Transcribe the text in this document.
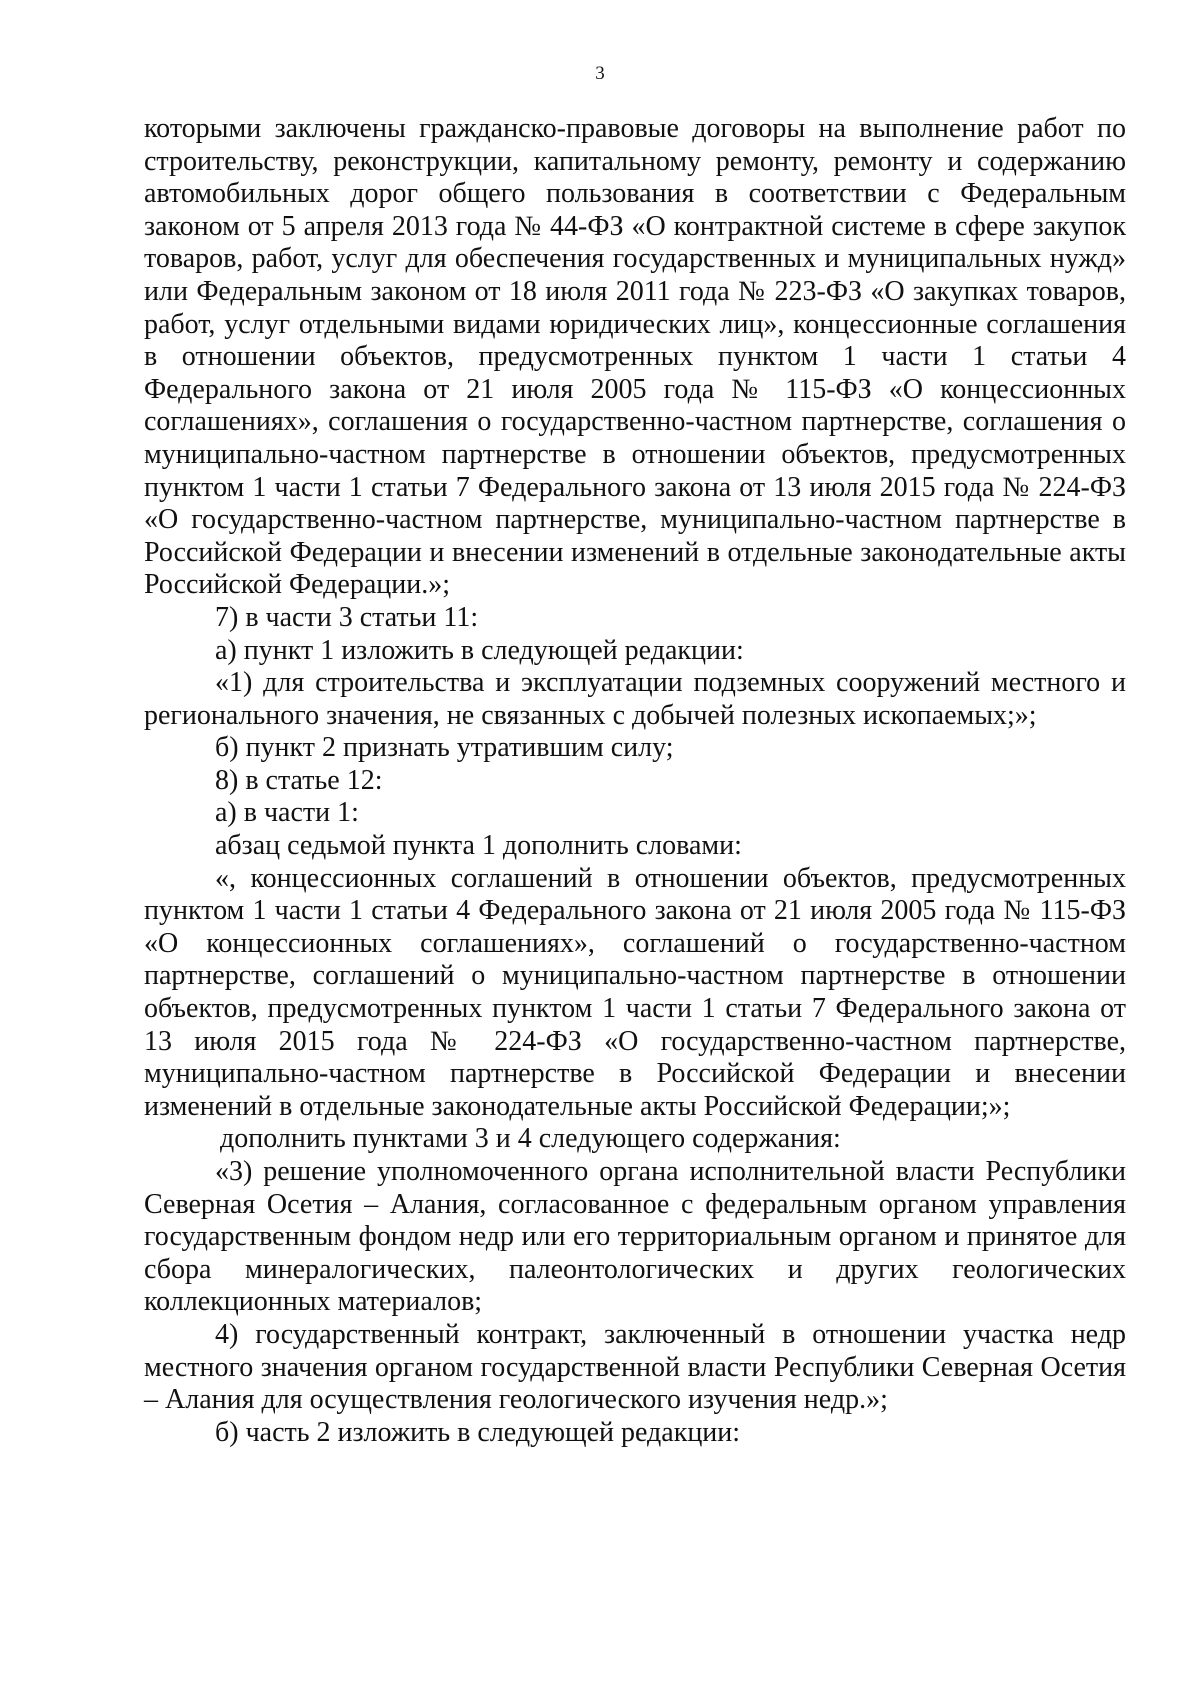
3

которыми заключены гражданско-правовые договоры на выполнение работ по строительству, реконструкции, капитальному ремонту, ремонту и содержанию автомобильных дорог общего пользования в соответствии с Федеральным законом от 5 апреля 2013 года № 44-ФЗ «О контрактной системе в сфере закупок товаров, работ, услуг для обеспечения государственных и муниципальных нужд» или Федеральным законом от 18 июля 2011 года № 223-ФЗ «О закупках товаров, работ, услуг отдельными видами юридических лиц», концессионные соглашения в отношении объектов, предусмотренных пунктом 1 части 1 статьи 4 Федерального закона от 21 июля 2005 года № 115-ФЗ «О концессионных соглашениях», соглашения о государственно-частном партнерстве, соглашения о муниципально-частном партнерстве в отношении объектов, предусмотренных пунктом 1 части 1 статьи 7 Федерального закона от 13 июля 2015 года № 224-ФЗ «О государственно-частном партнерстве, муниципально-частном партнерстве в Российской Федерации и внесении изменений в отдельные законодательные акты Российской Федерации.»;

7) в части 3 статьи 11:

а) пункт 1 изложить в следующей редакции:

«1) для строительства и эксплуатации подземных сооружений местного и регионального значения, не связанных с добычей полезных ископаемых;»;

б) пункт 2 признать утратившим силу;

8) в статье 12:

а) в части 1:

абзац седьмой пункта 1 дополнить словами:

«, концессионных соглашений в отношении объектов, предусмотренных пунктом 1 части 1 статьи 4 Федерального закона от 21 июля 2005 года № 115-ФЗ «О концессионных соглашениях», соглашений о государственно-частном партнерстве, соглашений о муниципально-частном партнерстве в отношении объектов, предусмотренных пунктом 1 части 1 статьи 7 Федерального закона от 13 июля 2015 года № 224-ФЗ «О государственно-частном партнерстве, муниципально-частном партнерстве в Российской Федерации и внесении изменений в отдельные законодательные акты Российской Федерации;»;

дополнить пунктами 3 и 4 следующего содержания:

«3) решение уполномоченного органа исполнительной власти Республики Северная Осетия – Алания, согласованное с федеральным органом управления государственным фондом недр или его территориальным органом и принятое для сбора минералогических, палеонтологических и других геологических коллекционных материалов;

4) государственный контракт, заключенный в отношении участка недр местного значения органом государственной власти Республики Северная Осетия – Алания для осуществления геологического изучения недр.»;

б) часть 2 изложить в следующей редакции:
